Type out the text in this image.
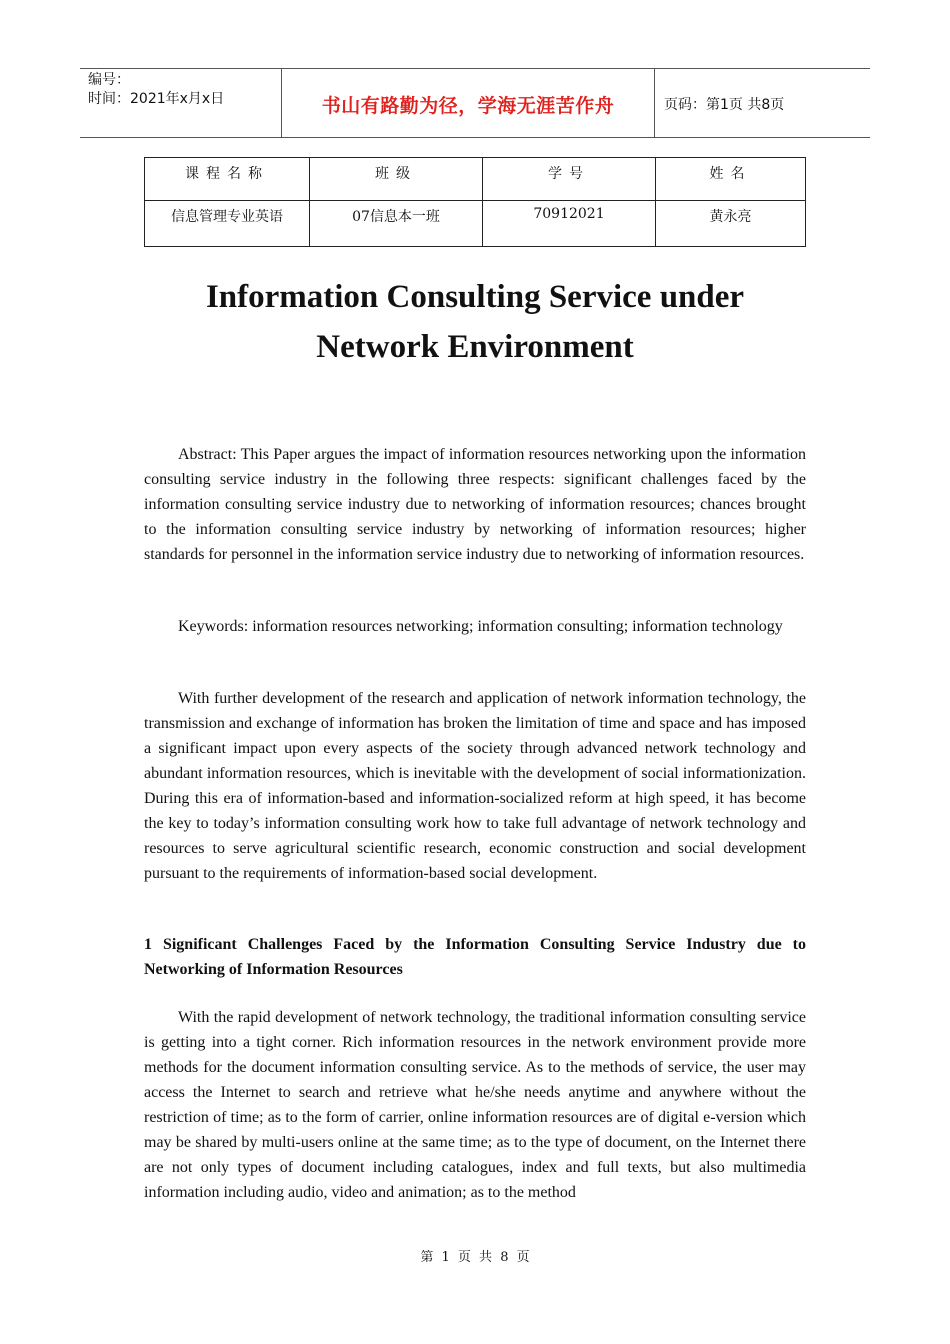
编号：
时间：2021年x月x日	书山有路勤为径，学海无涯苦作舟	页码：第1页 共8页
课程名称	班级	学号	姓名
信息管理专业英语	07信息本一班	70912021	黄永亮
Information Consulting Service under
Network Environment

Abstract: This Paper argues the impact of information resources networking upon the information consulting service industry in the following three respects: significant challenges faced by the information consulting service industry due to networking of information resources; chances brought to the information consulting service industry by networking of information resources; higher standards for personnel in the information service industry due to networking of information resources.

Keywords: information resources networking; information consulting; information technology

With further development of the research and application of network information technology, the transmission and exchange of information has broken the limitation of time and space and has imposed a significant impact upon every aspects of the society through advanced network technology and abundant information resources, which is inevitable with the development of social informationization. During this era of information-based and information-socialized reform at high speed, it has become the key to today’s information consulting work how to take full advantage of network technology and resources to serve agricultural scientific research, economic construction and social development pursuant to the requirements of information-based social development.

1 Significant Challenges Faced by the Information Consulting Service Industry due to Networking of Information Resources

With the rapid development of network technology, the traditional information consulting service is getting into a tight corner. Rich information resources in the network environment provide more methods for the document information consulting service. As to the methods of service, the user may access the Internet to search and retrieve what he/she needs anytime and anywhere without the restriction of time; as to the form of carrier, online information resources are of digital e-version which may be shared by multi-users online at the same time; as to the type of document, on the Internet there are not only types of document including catalogues, index and full texts, but also multimedia information including audio, video and animation; as to the method

第 1 页 共 8 页
